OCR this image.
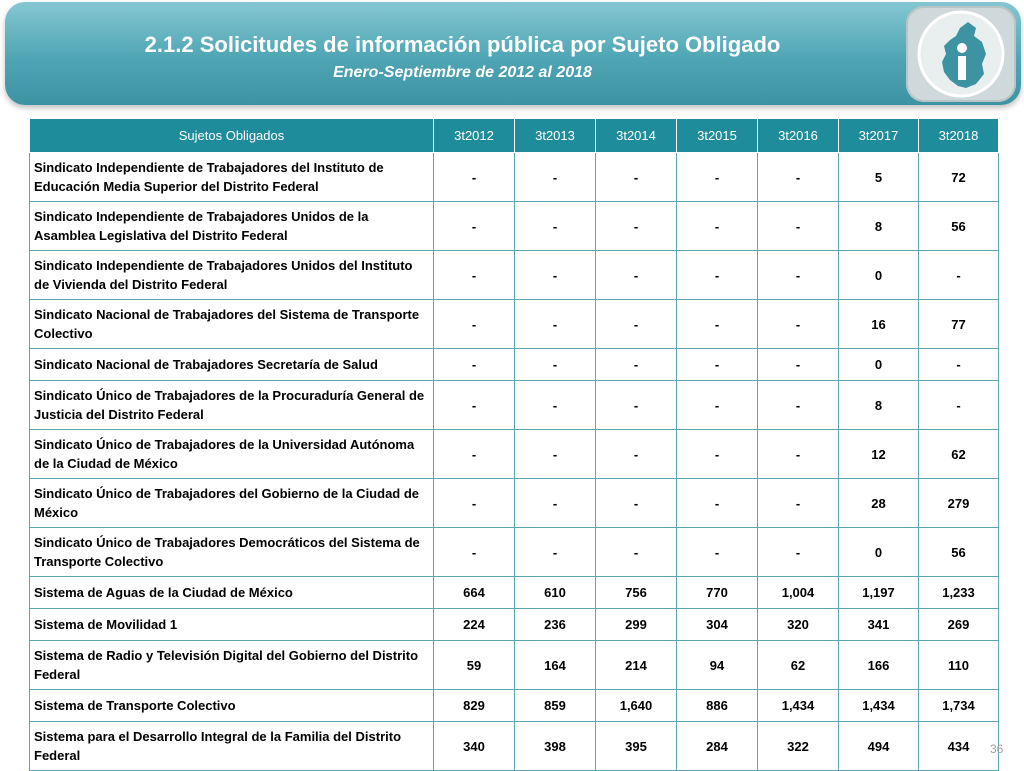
2.1.2 Solicitudes de información pública por Sujeto Obligado
Enero-Septiembre de 2012 al 2018
Sujetos Obligados	3t2012	3t2013	3t2014	3t2015	3t2016	3t2017	3t2018
Sindicato Independiente de Trabajadores del Instituto de Educación Media Superior del Distrito Federal	-	-	-	-	-	5	72
Sindicato Independiente de Trabajadores Unidos de la Asamblea Legislativa del Distrito Federal	-	-	-	-	-	8	56
Sindicato Independiente de Trabajadores Unidos del Instituto de Vivienda del Distrito Federal	-	-	-	-	-	0	-
Sindicato Nacional de Trabajadores del Sistema de Transporte Colectivo	-	-	-	-	-	16	77
Sindicato Nacional de Trabajadores Secretaría de Salud	-	-	-	-	-	0	-
Sindicato Único de Trabajadores de la Procuraduría General de Justicia del Distrito Federal	-	-	-	-	-	8	-
Sindicato Único de Trabajadores de la Universidad Autónoma de la Ciudad de México	-	-	-	-	-	12	62
Sindicato Único de Trabajadores del Gobierno de la Ciudad de México	-	-	-	-	-	28	279
Sindicato Único de Trabajadores Democráticos del Sistema de Transporte Colectivo	-	-	-	-	-	0	56
Sistema de Aguas de la Ciudad de México	664	610	756	770	1,004	1,197	1,233
Sistema de Movilidad 1	224	236	299	304	320	341	269
Sistema de Radio y Televisión Digital del Gobierno del Distrito Federal	59	164	214	94	62	166	110
Sistema de Transporte Colectivo	829	859	1,640	886	1,434	1,434	1,734
Sistema para el Desarrollo Integral de la Familia del Distrito Federal	340	398	395	284	322	494	434 36
